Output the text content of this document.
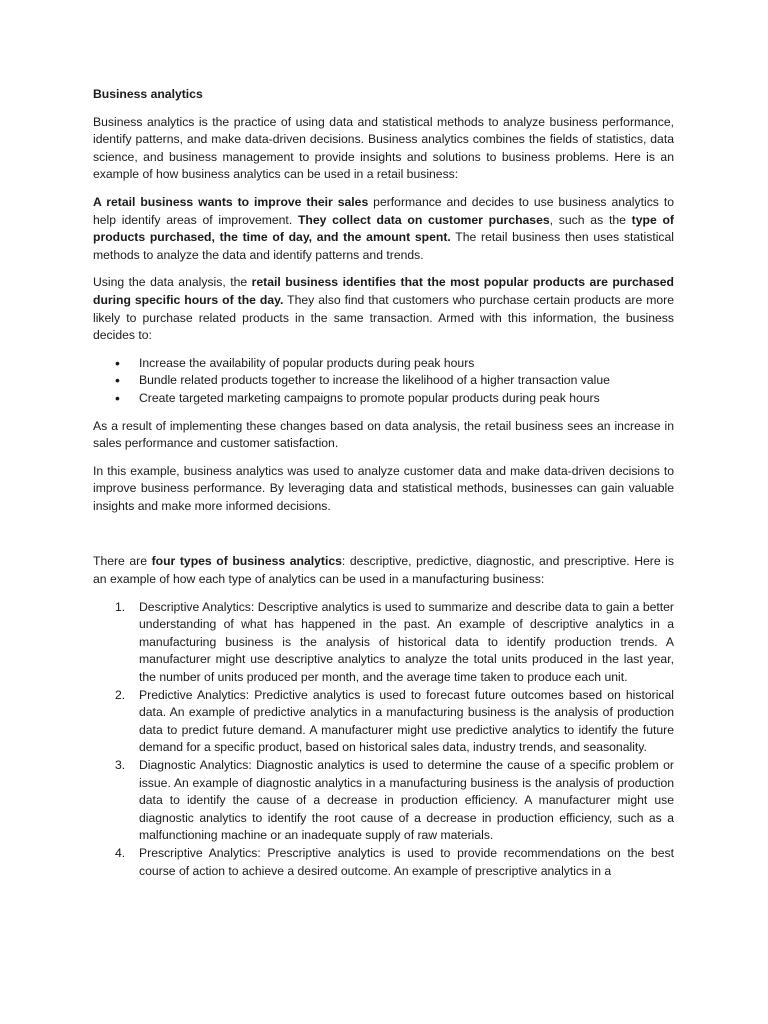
Business analytics

Business analytics is the practice of using data and statistical methods to analyze business performance, identify patterns, and make data-driven decisions. Business analytics combines the fields of statistics, data science, and business management to provide insights and solutions to business problems. Here is an example of how business analytics can be used in a retail business:

A retail business wants to improve their sales performance and decides to use business analytics to help identify areas of improvement. They collect data on customer purchases, such as the type of products purchased, the time of day, and the amount spent. The retail business then uses statistical methods to analyze the data and identify patterns and trends.

Using the data analysis, the retail business identifies that the most popular products are purchased during specific hours of the day. They also find that customers who purchase certain products are more likely to purchase related products in the same transaction. Armed with this information, the business decides to:

• Increase the availability of popular products during peak hours
• Bundle related products together to increase the likelihood of a higher transaction value
• Create targeted marketing campaigns to promote popular products during peak hours

As a result of implementing these changes based on data analysis, the retail business sees an increase in sales performance and customer satisfaction.

In this example, business analytics was used to analyze customer data and make data-driven decisions to improve business performance. By leveraging data and statistical methods, businesses can gain valuable insights and make more informed decisions.

There are four types of business analytics: descriptive, predictive, diagnostic, and prescriptive. Here is an example of how each type of analytics can be used in a manufacturing business:

1. Descriptive Analytics: Descriptive analytics is used to summarize and describe data to gain a better understanding of what has happened in the past. An example of descriptive analytics in a manufacturing business is the analysis of historical data to identify production trends. A manufacturer might use descriptive analytics to analyze the total units produced in the last year, the number of units produced per month, and the average time taken to produce each unit.
2. Predictive Analytics: Predictive analytics is used to forecast future outcomes based on historical data. An example of predictive analytics in a manufacturing business is the analysis of production data to predict future demand. A manufacturer might use predictive analytics to identify the future demand for a specific product, based on historical sales data, industry trends, and seasonality.
3. Diagnostic Analytics: Diagnostic analytics is used to determine the cause of a specific problem or issue. An example of diagnostic analytics in a manufacturing business is the analysis of production data to identify the cause of a decrease in production efficiency. A manufacturer might use diagnostic analytics to identify the root cause of a decrease in production efficiency, such as a malfunctioning machine or an inadequate supply of raw materials.
4. Prescriptive Analytics: Prescriptive analytics is used to provide recommendations on the best course of action to achieve a desired outcome. An example of prescriptive analytics in a
